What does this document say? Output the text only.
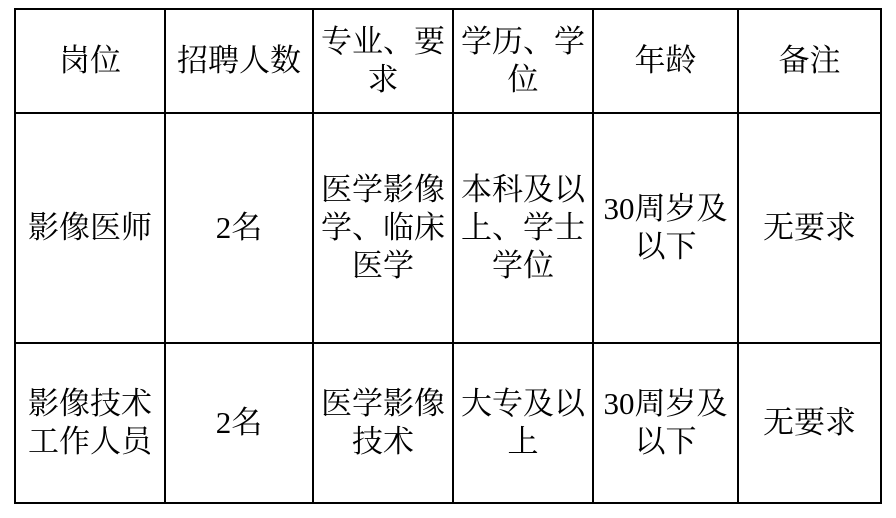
岗位	招聘人数	专业、要求	学历、学位	年龄	备注

影像医师	2名	医学影像学、临床医学	本科及以上、学士学位	30周岁及以下	无要求

影像技术工作人员	2名	医学影像技术	大专及以上	30周岁及以下	无要求
